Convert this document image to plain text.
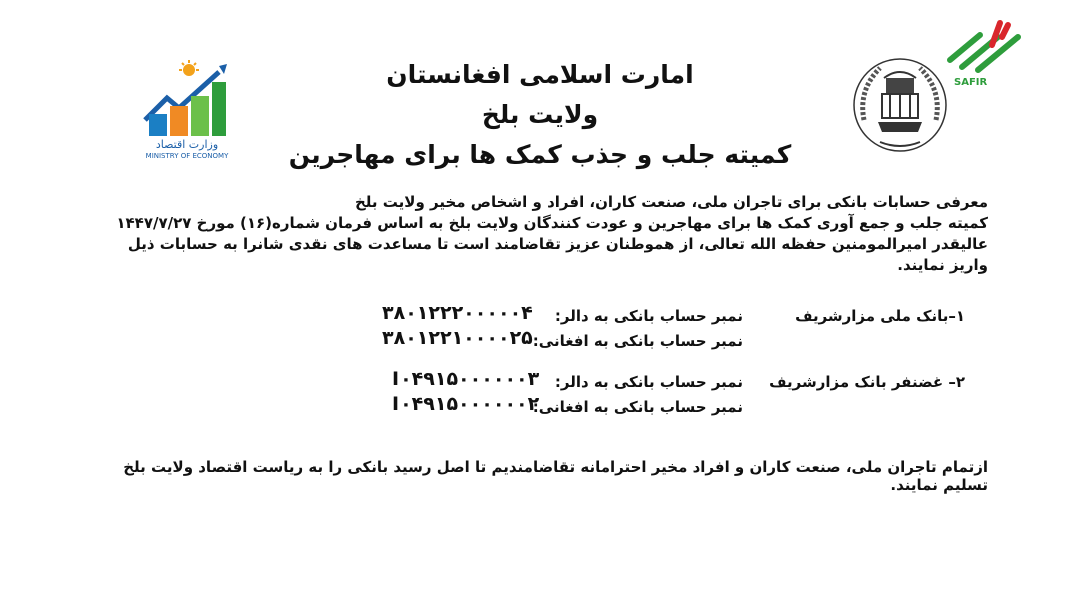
وزارت اقتصاد
MINISTRY OF ECONOMY
SAFIR
امارت اسلامی افغانستان
ولایت بلخ
کمیته جلب و جذب کمک ها برای مهاجرین
معرفی حسابات بانکی برای تاجران ملی، صنعت کاران، افراد و اشخاص مخیر ولایت بلخ
کمیته جلب و جمع آوری کمک ها برای مهاجرین و عودت کنندگان ولایت بلخ به اساس فرمان شماره(۱۶) مورخ ۱۴۴۷/۷/۲۷
عالیقدر امیرالمومنین حفظه الله تعالی، از هموطنان عزیز تقاضامند است تا مساعدت های نقدی شانرا به حسابات ذیل واریز نمایند.
۱–بانک ملی مزارشریف
نمبر حساب بانکی به دالر:
۳۸۰۱۲۲۲۰۰۰۰۰۴
نمبر حساب بانکی به افغانی:
۳۸۰۱۲۲۱۰۰۰۰۲۵
۲– غضنفر بانک مزارشریف
نمبر حساب بانکی به دالر:
I۰۴۹۱۵۰۰۰۰۰۰۳
نمبر حساب بانکی به افغانی:
I۰۴۹۱۵۰۰۰۰۰۰۲
ازتمام تاجران ملی، صنعت کاران و افراد مخیر احترامانه تقاضامندیم تا اصل رسید بانکی را به ریاست اقتصاد ولایت بلخ تسلیم نمایند.
